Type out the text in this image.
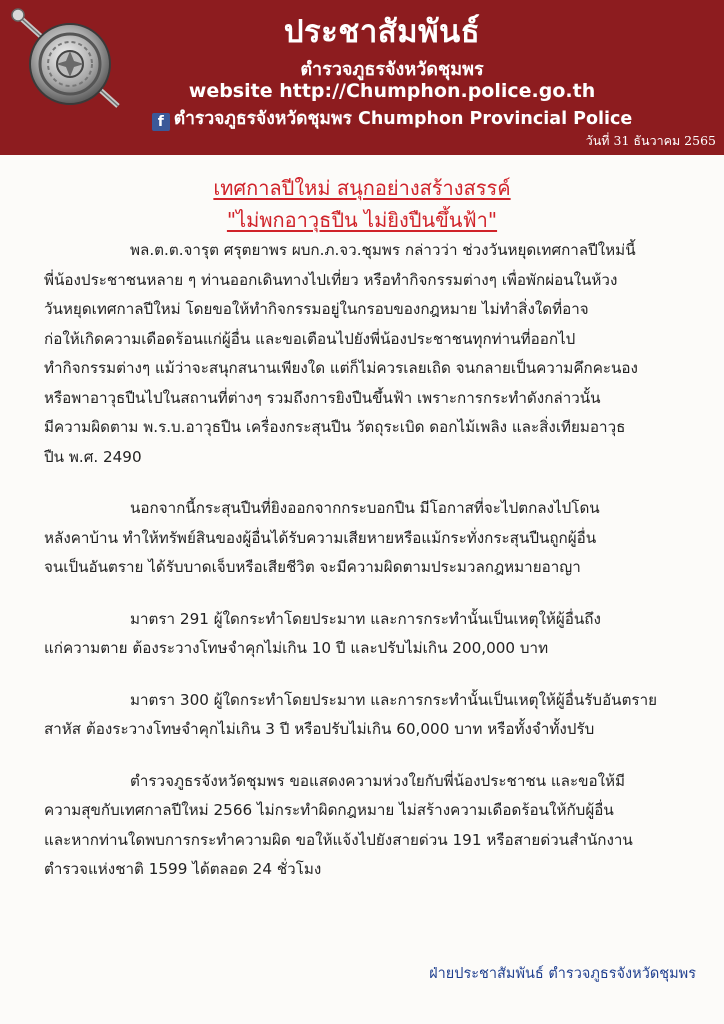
ประชาสัมพันธ์
ตำรวจภูธรจังหวัดชุมพร
website http://Chumphon.police.go.th
f ตำรวจภูธรจังหวัดชุมพร Chumphon Provincial Police
วันที่ 31 ธันวาคม 2565
เทศกาลปีใหม่ สนุกอย่างสร้างสรรค์
"ไม่พกอาวุธปืน ไม่ยิงปืนขึ้นฟ้า"

พล.ต.ต.จารุต ศรุตยาพร ผบก.ภ.จว.ชุมพร กล่าวว่า ช่วงวันหยุดเทศกาลปีใหม่นี้
พี่น้องประชาชนหลาย ๆ ท่านออกเดินทางไปเที่ยว หรือทำกิจกรรมต่างๆ เพื่อพักผ่อนในห้วง
วันหยุดเทศกาลปีใหม่ โดยขอให้ทำกิจกรรมอยู่ในกรอบของกฎหมาย ไม่ทำสิ่งใดที่อาจ
ก่อให้เกิดความเดือดร้อนแก่ผู้อื่น และขอเตือนไปยังพี่น้องประชาชนทุกท่านที่ออกไป
ทำกิจกรรมต่างๆ แม้ว่าจะสนุกสนานเพียงใด แต่ก็ไม่ควรเลยเถิด จนกลายเป็นความคึกคะนอง
หรือพาอาวุธปืนไปในสถานที่ต่างๆ รวมถึงการยิงปืนขึ้นฟ้า เพราะการกระทำดังกล่าวนั้น
มีความผิดตาม พ.ร.บ.อาวุธปืน เครื่องกระสุนปืน วัตถุระเบิด ดอกไม้เพลิง และสิ่งเทียมอาวุธ
ปืน พ.ศ. 2490

นอกจากนี้กระสุนปืนที่ยิงออกจากกระบอกปืน มีโอกาสที่จะไปตกลงไปโดน
หลังคาบ้าน ทำให้ทรัพย์สินของผู้อื่นได้รับความเสียหายหรือแม้กระทั่งกระสุนปืนถูกผู้อื่น
จนเป็นอันตราย ได้รับบาดเจ็บหรือเสียชีวิต จะมีความผิดตามประมวลกฎหมายอาญา

มาตรา 291 ผู้ใดกระทำโดยประมาท และการกระทำนั้นเป็นเหตุให้ผู้อื่นถึง
แก่ความตาย ต้องระวางโทษจำคุกไม่เกิน 10 ปี และปรับไม่เกิน 200,000 บาท

มาตรา 300 ผู้ใดกระทำโดยประมาท และการกระทำนั้นเป็นเหตุให้ผู้อื่นรับอันตราย
สาหัส ต้องระวางโทษจำคุกไม่เกิน 3 ปี หรือปรับไม่เกิน 60,000 บาท หรือทั้งจำทั้งปรับ

ตำรวจภูธรจังหวัดชุมพร ขอแสดงความห่วงใยกับพี่น้องประชาชน และขอให้มี
ความสุขกับเทศกาลปีใหม่ 2566 ไม่กระทำผิดกฎหมาย ไม่สร้างความเดือดร้อนให้กับผู้อื่น
และหากท่านใดพบการกระทำความผิด ขอให้แจ้งไปยังสายด่วน 191 หรือสายด่วนสำนักงาน
ตำรวจแห่งชาติ 1599 ได้ตลอด 24 ชั่วโมง

ฝ่ายประชาสัมพันธ์ ตำรวจภูธรจังหวัดชุมพร
